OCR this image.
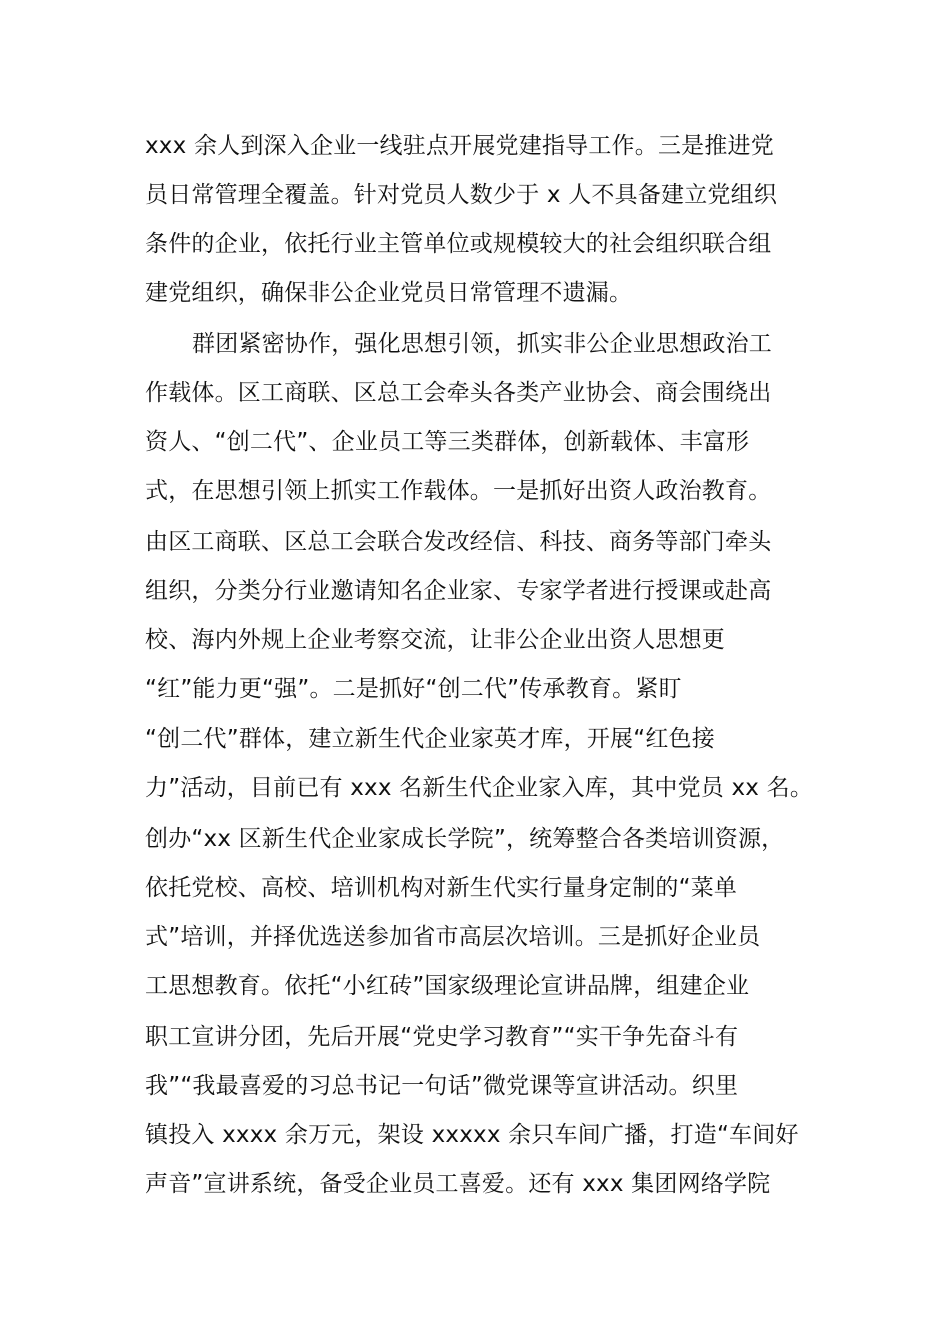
xxx 余人到深入企业一线驻点开展党建指导工作。三是推进党
员日常管理全覆盖。针对党员人数少于 x 人不具备建立党组织
条件的企业，依托行业主管单位或规模较大的社会组织联合组
建党组织，确保非公企业党员日常管理不遗漏。
群团紧密协作，强化思想引领，抓实非公企业思想政治工
作载体。区工商联、区总工会牵头各类产业协会、商会围绕出
资人、“创二代”、企业员工等三类群体，创新载体、丰富形
式，在思想引领上抓实工作载体。一是抓好出资人政治教育。
由区工商联、区总工会联合发改经信、科技、商务等部门牵头
组织，分类分行业邀请知名企业家、专家学者进行授课或赴高
校、海内外规上企业考察交流，让非公企业出资人思想更
“红”能力更“强”。二是抓好“创二代”传承教育。紧盯
“创二代”群体，建立新生代企业家英才库，开展“红色接
力”活动，目前已有 xxx 名新生代企业家入库，其中党员 xx 名。
创办“xx 区新生代企业家成长学院”，统筹整合各类培训资源，
依托党校、高校、培训机构对新生代实行量身定制的“菜单
式”培训，并择优选送参加省市高层次培训。三是抓好企业员
工思想教育。依托“小红砖”国家级理论宣讲品牌，组建企业
职工宣讲分团，先后开展“党史学习教育”“实干争先奋斗有
我”“我最喜爱的习总书记一句话”微党课等宣讲活动。织里
镇投入 xxxx 余万元，架设 xxxxx 余只车间广播，打造“车间好
声音”宣讲系统，备受企业员工喜爱。还有 xxx 集团网络学院
